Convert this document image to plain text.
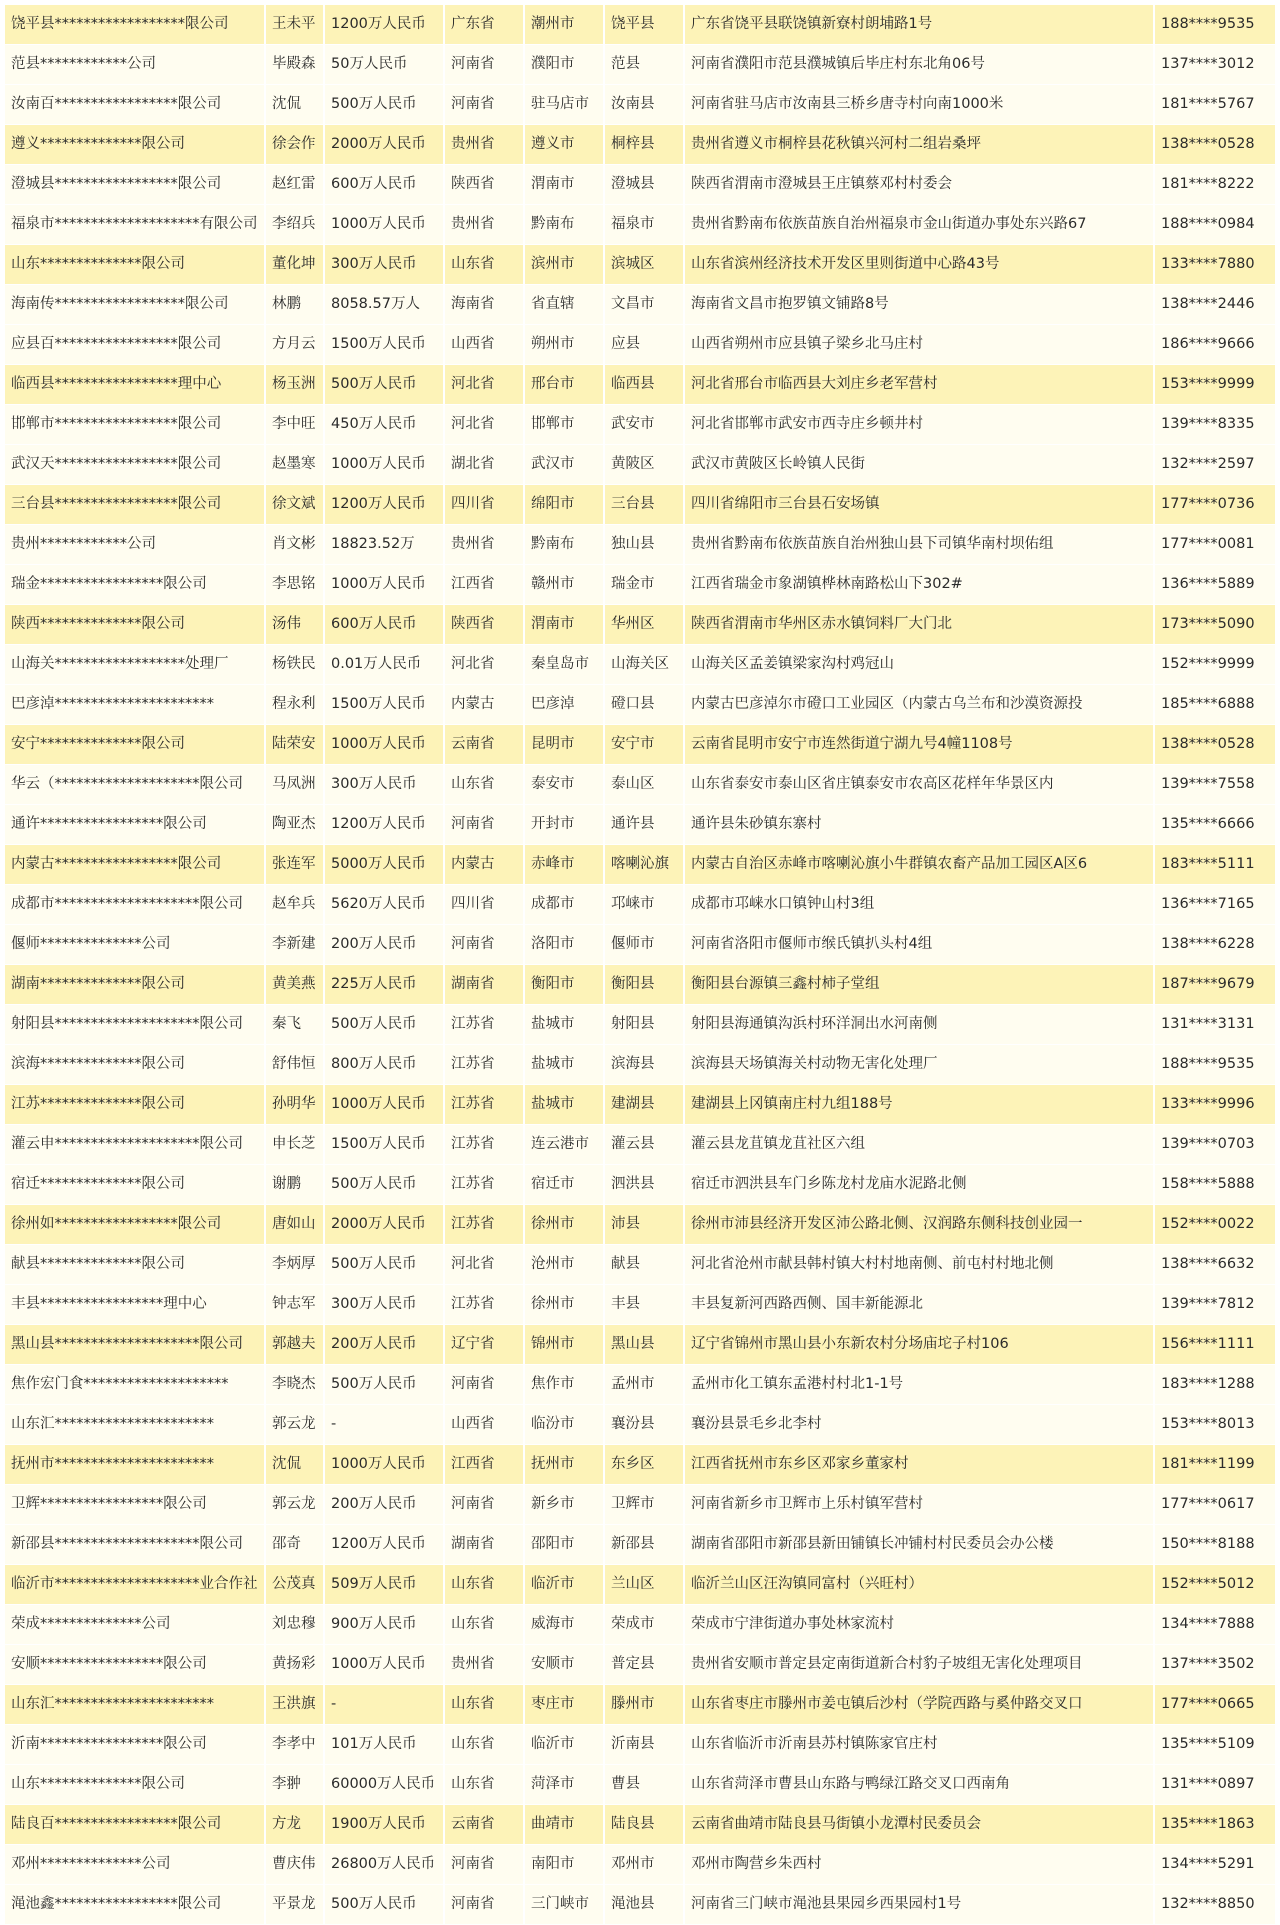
饶平县******************限公司	王未平	1200万人民币	广东省	潮州市	饶平县	广东省饶平县联饶镇新寮村朗埔路1号	188****9535
范县************公司	毕殿森	50万人民币	河南省	濮阳市	范县	河南省濮阳市范县濮城镇后毕庄村东北角06号	137****3012
汝南百*****************限公司	沈侃	500万人民币	河南省	驻马店市	汝南县	河南省驻马店市汝南县三桥乡唐寺村向南1000米	181****5767
遵义**************限公司	徐会作	2000万人民币	贵州省	遵义市	桐梓县	贵州省遵义市桐梓县花秋镇兴河村二组岩桑坪	138****0528
澄城县*****************限公司	赵红雷	600万人民币	陕西省	渭南市	澄城县	陕西省渭南市澄城县王庄镇蔡邓村村委会	181****8222
福泉市********************有限公司	李绍兵	1000万人民币	贵州省	黔南布	福泉市	贵州省黔南布依族苗族自治州福泉市金山街道办事处东兴路67	188****0984
山东**************限公司	董化坤	300万人民币	山东省	滨州市	滨城区	山东省滨州经济技术开发区里则街道中心路43号	133****7880
海南传******************限公司	林鹏	8058.57万人	海南省	省直辖	文昌市	海南省文昌市抱罗镇文铺路8号	138****2446
应县百*****************限公司	方月云	1500万人民币	山西省	朔州市	应县	山西省朔州市应县镇子梁乡北马庄村	186****9666
临西县*****************理中心	杨玉洲	500万人民币	河北省	邢台市	临西县	河北省邢台市临西县大刘庄乡老军营村	153****9999
邯郸市*****************限公司	李中旺	450万人民币	河北省	邯郸市	武安市	河北省邯郸市武安市西寺庄乡顿井村	139****8335
武汉天*****************限公司	赵墨寒	1000万人民币	湖北省	武汉市	黄陂区	武汉市黄陂区长岭镇人民街	132****2597
三台县*****************限公司	徐文斌	1200万人民币	四川省	绵阳市	三台县	四川省绵阳市三台县石安场镇	177****0736
贵州************公司	肖文彬	18823.52万	贵州省	黔南布	独山县	贵州省黔南布依族苗族自治州独山县下司镇华南村坝佑组	177****0081
瑞金*****************限公司	李思铭	1000万人民币	江西省	赣州市	瑞金市	江西省瑞金市象湖镇桦林南路松山下302#	136****5889
陕西**************限公司	汤伟	600万人民币	陕西省	渭南市	华州区	陕西省渭南市华州区赤水镇饲料厂大门北	173****5090
山海关******************处理厂	杨铁民	0.01万人民币	河北省	秦皇岛市	山海关区	山海关区孟姜镇梁家沟村鸡冠山	152****9999
巴彦淖**********************	程永利	1500万人民币	内蒙古	巴彦淖	磴口县	内蒙古巴彦淖尔市磴口工业园区（内蒙古乌兰布和沙漠资源投	185****6888
安宁**************限公司	陆荣安	1000万人民币	云南省	昆明市	安宁市	云南省昆明市安宁市连然街道宁湖九号4幢1108号	138****0528
华云（********************限公司	马凤洲	300万人民币	山东省	泰安市	泰山区	山东省泰安市泰山区省庄镇泰安市农高区花样年华景区内	139****7558
通许*****************限公司	陶亚杰	1200万人民币	河南省	开封市	通许县	通许县朱砂镇东寨村	135****6666
内蒙古*****************限公司	张连军	5000万人民币	内蒙古	赤峰市	喀喇沁旗	内蒙古自治区赤峰市喀喇沁旗小牛群镇农畜产品加工园区A区6	183****5111
成都市********************限公司	赵牟兵	5620万人民币	四川省	成都市	邛崃市	成都市邛崃水口镇钟山村3组	136****7165
偃师**************公司	李新建	200万人民币	河南省	洛阳市	偃师市	河南省洛阳市偃师市缑氏镇扒头村4组	138****6228
湖南**************限公司	黄美燕	225万人民币	湖南省	衡阳市	衡阳县	衡阳县台源镇三鑫村柿子堂组	187****9679
射阳县********************限公司	秦飞	500万人民币	江苏省	盐城市	射阳县	射阳县海通镇沟浜村环洋洞出水河南侧	131****3131
滨海**************限公司	舒伟恒	800万人民币	江苏省	盐城市	滨海县	滨海县天场镇海关村动物无害化处理厂	188****9535
江苏**************限公司	孙明华	1000万人民币	江苏省	盐城市	建湖县	建湖县上冈镇南庄村九组188号	133****9996
灌云申********************限公司	申长芝	1500万人民币	江苏省	连云港市	灌云县	灌云县龙苴镇龙苴社区六组	139****0703
宿迁**************限公司	谢鹏	500万人民币	江苏省	宿迁市	泗洪县	宿迁市泗洪县车门乡陈龙村龙庙水泥路北侧	158****5888
徐州如*****************限公司	唐如山	2000万人民币	江苏省	徐州市	沛县	徐州市沛县经济开发区沛公路北侧、汉润路东侧科技创业园一	152****0022
献县**************限公司	李炳厚	500万人民币	河北省	沧州市	献县	河北省沧州市献县韩村镇大村村地南侧、前屯村村地北侧	138****6632
丰县*****************理中心	钟志军	300万人民币	江苏省	徐州市	丰县	丰县复新河西路西侧、国丰新能源北	139****7812
黑山县********************限公司	郭越夫	200万人民币	辽宁省	锦州市	黑山县	辽宁省锦州市黑山县小东新农村分场庙坨子村106	156****1111
焦作宏门食********************	李晓杰	500万人民币	河南省	焦作市	孟州市	孟州市化工镇东孟港村村北1-1号	183****1288
山东汇**********************	郭云龙	-	山西省	临汾市	襄汾县	襄汾县景毛乡北李村	153****8013
抚州市**********************	沈侃	1000万人民币	江西省	抚州市	东乡区	江西省抚州市东乡区邓家乡董家村	181****1199
卫辉*****************限公司	郭云龙	200万人民币	河南省	新乡市	卫辉市	河南省新乡市卫辉市上乐村镇军营村	177****0617
新邵县********************限公司	邵奇	1200万人民币	湖南省	邵阳市	新邵县	湖南省邵阳市新邵县新田铺镇长冲铺村村民委员会办公楼	150****8188
临沂市********************业合作社	公茂真	509万人民币	山东省	临沂市	兰山区	临沂兰山区汪沟镇同富村（兴旺村）	152****5012
荣成**************公司	刘忠穆	900万人民币	山东省	威海市	荣成市	荣成市宁津街道办事处林家流村	134****7888
安顺*****************限公司	黄扬彩	1000万人民币	贵州省	安顺市	普定县	贵州省安顺市普定县定南街道新合村豹子坡组无害化处理项目	137****3502
山东汇**********************	王洪旗	-	山东省	枣庄市	滕州市	山东省枣庄市滕州市姜屯镇后沙村（学院西路与奚仲路交叉口	177****0665
沂南*****************限公司	李孝中	101万人民币	山东省	临沂市	沂南县	山东省临沂市沂南县苏村镇陈家官庄村	135****5109
山东**************限公司	李翀	60000万人民币	山东省	菏泽市	曹县	山东省菏泽市曹县山东路与鸭绿江路交叉口西南角	131****0897
陆良百*****************限公司	方龙	1900万人民币	云南省	曲靖市	陆良县	云南省曲靖市陆良县马街镇小龙潭村民委员会	135****1863
邓州**************公司	曹庆伟	26800万人民币	河南省	南阳市	邓州市	邓州市陶营乡朱西村	134****5291
渑池鑫*****************限公司	平景龙	500万人民币	河南省	三门峡市	渑池县	河南省三门峡市渑池县果园乡西果园村1号	132****8850
